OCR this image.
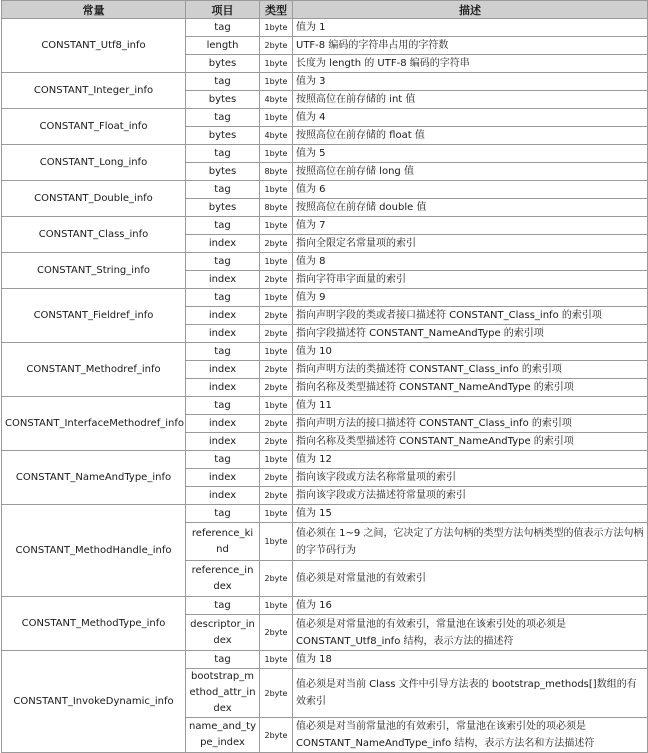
常量	项目	类型	描述
CONSTANT_Utf8_info	tag	1byte	值为 1
	length	2byte	UTF-8 编码的字符串占用的字符数
	bytes	1byte	长度为 length 的 UTF-8 编码的字符串
CONSTANT_Integer_info	tag	1byte	值为 3
	bytes	4byte	按照高位在前存储的 int 值
CONSTANT_Float_info	tag	1byte	值为 4
	bytes	4byte	按照高位在前存储的 float 值
CONSTANT_Long_info	tag	1byte	值为 5
	bytes	8byte	按照高位在前存储 long 值
CONSTANT_Double_info	tag	1byte	值为 6
	bytes	8byte	按照高位在前存储 double 值
CONSTANT_Class_info	tag	1byte	值为 7
	index	2byte	指向全限定名常量项的索引
CONSTANT_String_info	tag	1byte	值为 8
	index	2byte	指向字符串字面量的索引
CONSTANT_Fieldref_info	tag	1byte	值为 9
	index	2byte	指向声明字段的类或者接口描述符 CONSTANT_Class_info 的索引项
	index	2byte	指向字段描述符 CONSTANT_NameAndType 的索引项
CONSTANT_Methodref_info	tag	1byte	值为 10
	index	2byte	指向声明方法的类描述符 CONSTANT_Class_info 的索引项
	index	2byte	指向名称及类型描述符 CONSTANT_NameAndType 的索引项
CONSTANT_InterfaceMethodref_info	tag	1byte	值为 11
	index	2byte	指向声明方法的接口描述符 CONSTANT_Class_info 的索引项
	index	2byte	指向名称及类型描述符 CONSTANT_NameAndType 的索引项
CONSTANT_NameAndType_info	tag	1byte	值为 12
	index	2byte	指向该字段或方法名称常量项的索引
	index	2byte	指向该字段或方法描述符常量项的索引
CONSTANT_MethodHandle_info	tag	1byte	值为 15
	reference_kind	1byte	值必须在 1~9 之间，它决定了方法句柄的类型方法句柄类型的值表示方法句柄的字节码行为
	reference_index	2byte	值必须是对常量池的有效索引
CONSTANT_MethodType_info	tag	1byte	值为 16
	descriptor_index	2byte	值必须是对常量池的有效索引，常量池在该索引处的项必须是 CONSTANT_Utf8_info 结构，表示方法的描述符
CONSTANT_InvokeDynamic_info	tag	1byte	值为 18
	bootstrap_method_attr_index	2byte	值必须是对当前 Class 文件中引导方法表的 bootstrap_methods[]数组的有效索引
	name_and_type_index	2byte	值必须是对当前常量池的有效索引，常量池在该索引处的项必须是 CONSTANT_NameAndType_info 结构，表示方法名和方法描述符
